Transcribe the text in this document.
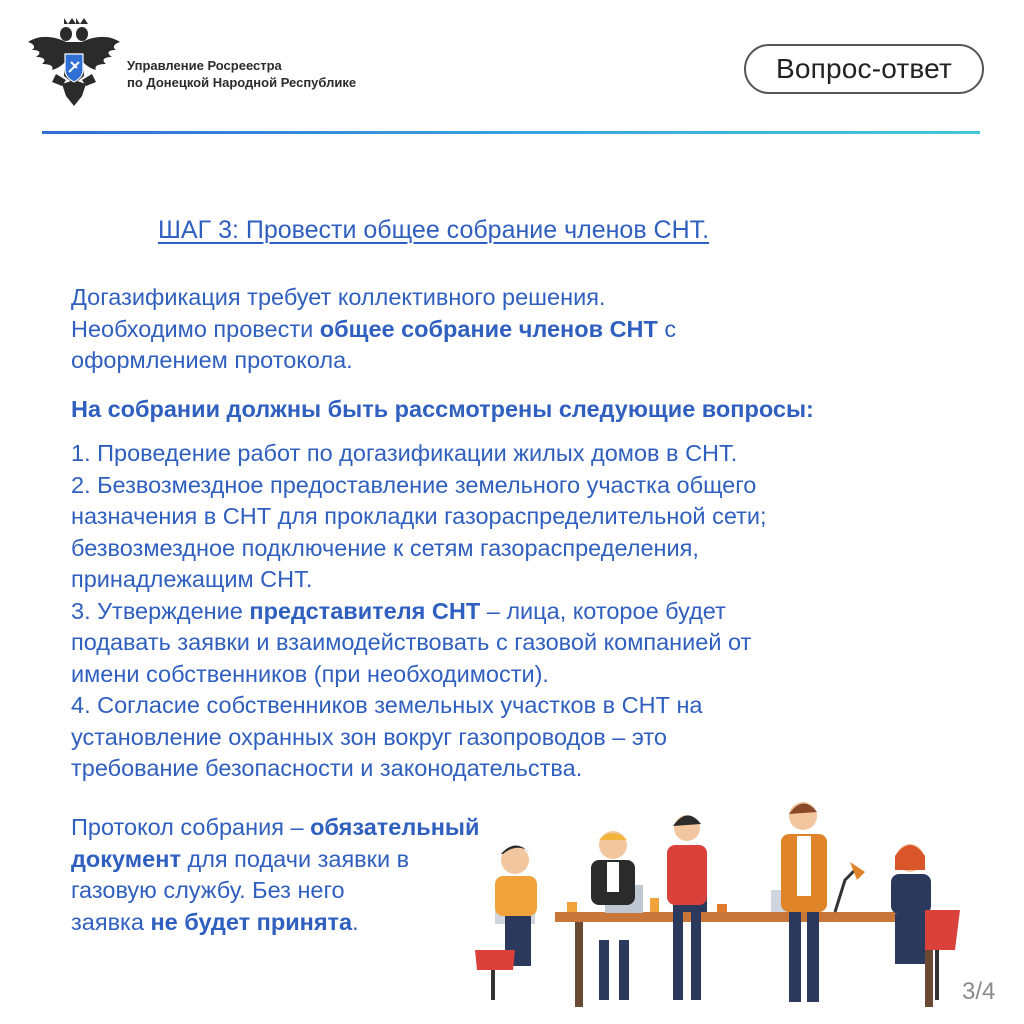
Управление Росреестра
по Донецкой Народной Республике	Вопрос-ответ
ШАГ 3: Провести общее собрание членов СНТ.
Догазификация требует коллективного решения.
Необходимо провести общее собрание членов СНТ с
оформлением протокола.
На собрании должны быть рассмотрены следующие вопросы:
1. Проведение работ по догазификации жилых домов в СНТ.
2. Безвозмездное предоставление земельного участка общего
назначения в СНТ для прокладки газораспределительной сети;
безвозмездное подключение к сетям газораспределения,
принадлежащим СНТ.
3. Утверждение представителя СНТ – лица, которое будет
подавать заявки и взаимодействовать с газовой компанией от
имени собственников (при необходимости).
4. Согласие собственников земельных участков в СНТ на
установление охранных зон вокруг газопроводов – это
требование безопасности и законодательства.
Протокол собрания – обязательный
документ для подачи заявки в
газовую службу. Без него
заявка не будет принята.
3/4
